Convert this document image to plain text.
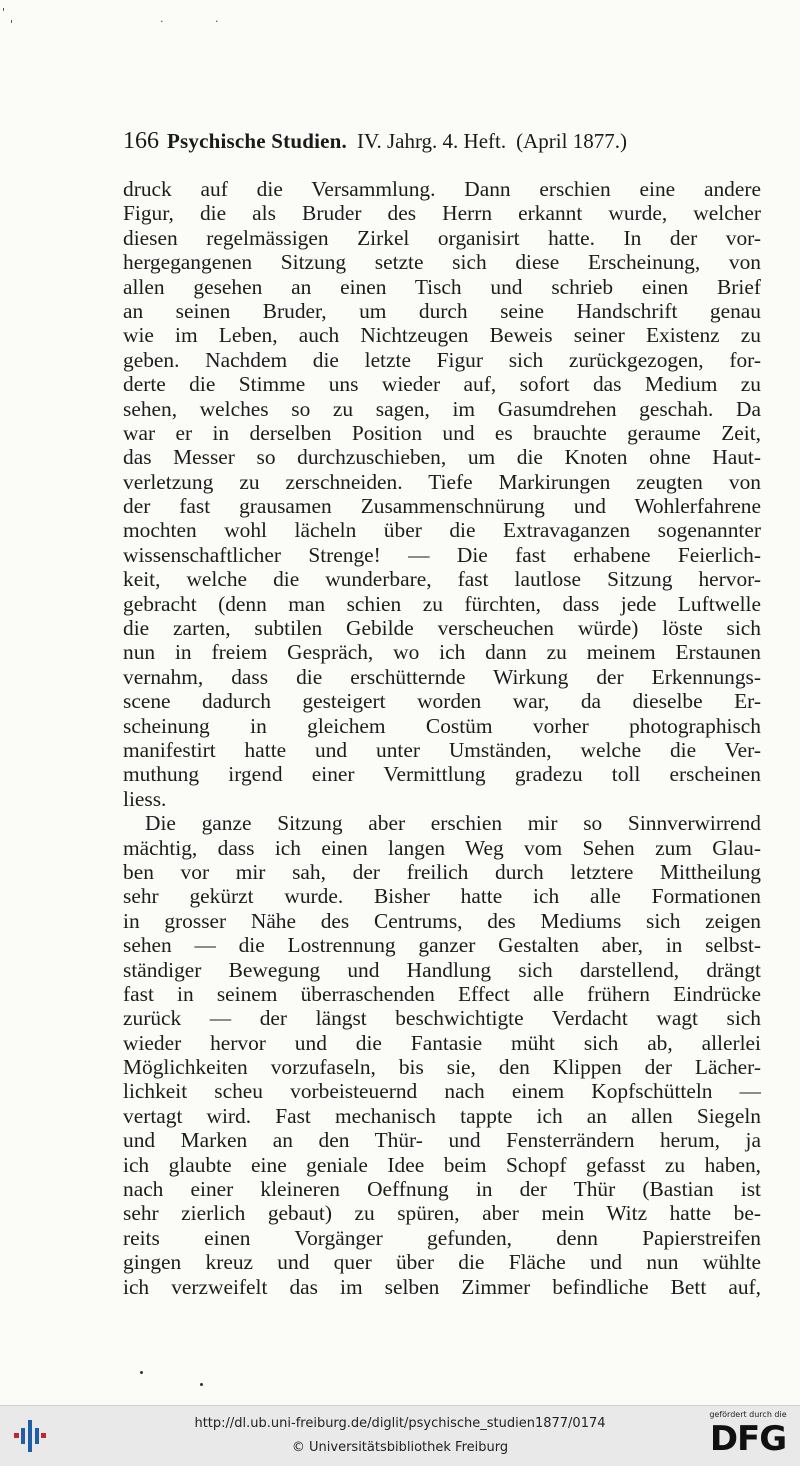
'	.	.
'
166 Psychische Studien. IV. Jahrg. 4. Heft. (April 1877.)
druck auf die Versammlung. Dann erschien eine andere
Figur, die als Bruder des Herrn erkannt wurde, welcher
diesen regelmässigen Zirkel organisirt hatte. In der vor-
hergegangenen Sitzung setzte sich diese Erscheinung, von
allen gesehen an einen Tisch und schrieb einen Brief
an seinen Bruder, um durch seine Handschrift genau
wie im Leben, auch Nichtzeugen Beweis seiner Existenz zu
geben. Nachdem die letzte Figur sich zurückgezogen, for-
derte die Stimme uns wieder auf, sofort das Medium zu
sehen, welches so zu sagen, im Gasumdrehen geschah. Da
war er in derselben Position und es brauchte geraume Zeit,
das Messer so durchzuschieben, um die Knoten ohne Haut-
verletzung zu zerschneiden. Tiefe Markirungen zeugten von
der fast grausamen Zusammenschnürung und Wohlerfahrene
mochten wohl lächeln über die Extravaganzen sogenannter
wissenschaftlicher Strenge! — Die fast erhabene Feierlich-
keit, welche die wunderbare, fast lautlose Sitzung hervor-
gebracht (denn man schien zu fürchten, dass jede Luftwelle
die zarten, subtilen Gebilde verscheuchen würde) löste sich
nun in freiem Gespräch, wo ich dann zu meinem Erstaunen
vernahm, dass die erschütternde Wirkung der Erkennungs-
scene dadurch gesteigert worden war, da dieselbe Er-
scheinung in gleichem Costüm vorher photographisch
manifestirt hatte und unter Umständen, welche die Ver-
muthung irgend einer Vermittlung gradezu toll erscheinen
liess.
Die ganze Sitzung aber erschien mir so Sinnverwirrend
mächtig, dass ich einen langen Weg vom Sehen zum Glau-
ben vor mir sah, der freilich durch letztere Mittheilung
sehr gekürzt wurde. Bisher hatte ich alle Formationen
in grosser Nähe des Centrums, des Mediums sich zeigen
sehen — die Lostrennung ganzer Gestalten aber, in selbst-
ständiger Bewegung und Handlung sich darstellend, drängt
fast in seinem überraschenden Effect alle frühern Eindrücke
zurück — der längst beschwichtigte Verdacht wagt sich
wieder hervor und die Fantasie müht sich ab, allerlei
Möglichkeiten vorzufaseln, bis sie, den Klippen der Lächer-
lichkeit scheu vorbeisteuernd nach einem Kopfschütteln —
vertagt wird. Fast mechanisch tappte ich an allen Siegeln
und Marken an den Thür- und Fensterrändern herum, ja
ich glaubte eine geniale Idee beim Schopf gefasst zu haben,
nach einer kleineren Oeffnung in der Thür (Bastian ist
sehr zierlich gebaut) zu spüren, aber mein Witz hatte be-
reits einen Vorgänger gefunden, denn Papierstreifen
gingen kreuz und quer über die Fläche und nun wühlte
ich verzweifelt das im selben Zimmer befindliche Bett auf,
http://dl.ub.uni-freiburg.de/diglit/psychische_studien1877/0174
© Universitätsbibliothek Freiburg
gefördert durch die
DFG
